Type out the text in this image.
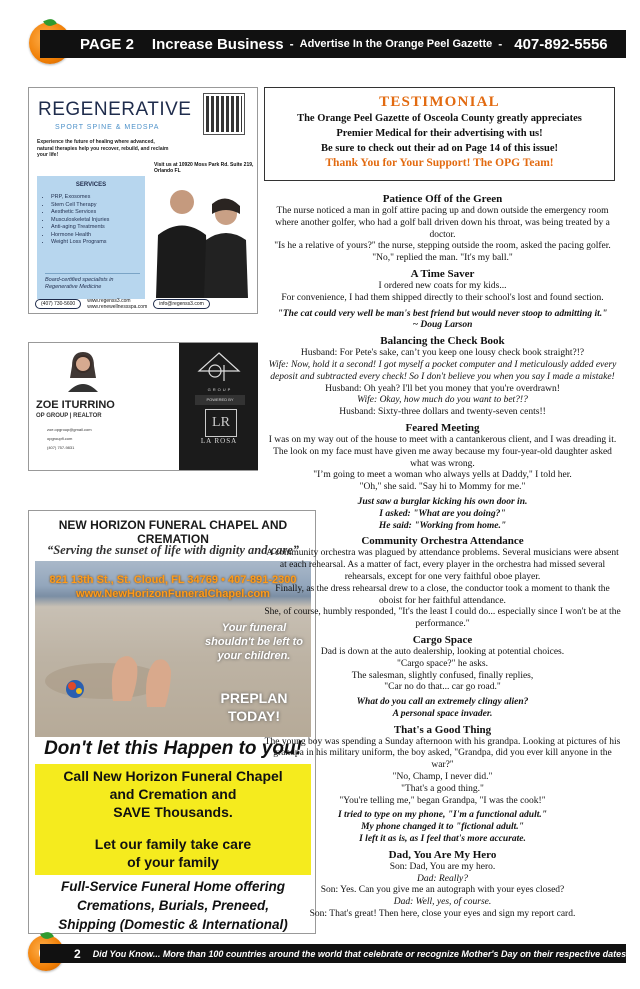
PAGE 2 Increase Business - Advertise In the Orange Peel Gazette - 407-892-5556
REGENERATIVE
SPORT SPINE & MEDSPA
Experience the future of healing where advanced, natural therapies help you recover, rebuild, and reclaim your life!
Visit us at 10920 Moss Park Rd. Suite 219, Orlando FL
SERVICES
• PRP, Exosomes
• Stem Cell Therapy
• Aesthetic Services
• Musculoskeletal Injuries
• Anti-aging Treatments
• Hormone Health
• Weight Loss Programs
Board-certified specialists in Regenerative Medicine
(407) 730-5600	www.regenss3.com
www.renewellnessspa.com	info@regenss3.com
TESTIMONIAL
The Orange Peel Gazette of Osceola County greatly appreciates
Premier Medical for their advertising with us!
Be sure to check out their ad on Page 14 of this issue!
Thank You for Your Support! The OPG Team!
ZOE ITURRINO
OP GROUP | REALTOR
zoe.opgroup@gmail.com
opgroupfl.com
(407) 757-9831
GROUP
POWERED BY
LR
LA ROSA
NEW HORIZON FUNERAL CHAPEL AND CREMATION
“Serving the sunset of life with dignity and care”
821 13th St., St. Cloud, FL 34769 • 407-891-2300
www.NewHorizonFuneralChapel.com
Your funeral shouldn't be left to your children.
PREPLAN
TODAY!
Don't let this Happen to you!
Call New Horizon Funeral Chapel
and Cremation and
SAVE Thousands.
Let our family take care
of your family
Full-Service Funeral Home offering
Cremations, Burials, Preneed,
Shipping (Domestic & International)
Patience Off of the Green

The nurse noticed a man in golf attire pacing up and down outside the emergency room where another golfer, who had a golf ball driven down his throat, was being treated by a doctor.

"Is he a relative of yours?" the nurse, stepping outside the room, asked the pacing golfer.

"No," replied the man. "It's my ball."

A Time Saver

I ordered new coats for my kids...

For convenience, I had them shipped directly to their school's lost and found section.

"The cat could very well be man's best friend but would never stoop to admitting it."

~ Doug Larson

Balancing the Check Book

Husband: For Pete's sake, can’t you keep one lousy check book straight?!?

Wife: Now, hold it a second! I got myself a pocket computer and I meticulously added every deposit and subtracted every check! So I don't believe you when you say I made a mistake!

Husband: Oh yeah? I'll bet you money that you're overdrawn!

Wife: Okay, how much do you want to bet?!?

Husband: Sixty-three dollars and twenty-seven cents!!

Feared Meeting

I was on my way out of the house to meet with a cantankerous client, and I was dreading it. The look on my face must have given me away because my four-year-old daughter asked what was wrong.

"I’m going to meet a woman who always yells at Daddy," I told her.

"Oh," she said. "Say hi to Mommy for me."

Just saw a burglar kicking his own door in.

I asked: "What are you doing?"

He said: "Working from home."

Community Orchestra Attendance

A community orchestra was plagued by attendance problems. Several musicians were absent at each rehearsal. As a matter of fact, every player in the orchestra had missed several rehearsals, except for one very faithful oboe player.

Finally, as the dress rehearsal drew to a close, the conductor took a moment to thank the oboist for her faithful attendance.

She, of course, humbly responded, "It's the least I could do... especially since I won't be at the performance."

Cargo Space

Dad is down at the auto dealership, looking at potential choices.

"Cargo space?" he asks.

The salesman, slightly confused, finally replies,

"Car no do that... car go road."

What do you call an extremely clingy alien?

A personal space invader.

That's a Good Thing

The young boy was spending a Sunday afternoon with his grandpa. Looking at pictures of his grandpa in his military uniform, the boy asked, "Grandpa, did you ever kill anyone in the war?"

"No, Champ, I never did."

"That's a good thing."

"You're telling me," began Grandpa, "I was the cook!"

I tried to type on my phone, "I'm a functional adult."

My phone changed it to "fictional adult."

I left it as is, as I feel that's more accurate.

Dad, You Are My Hero

Son: Dad, You are my hero.

Dad: Really?

Son: Yes. Can you give me an autograph with your eyes closed?

Dad: Well, yes, of course.

Son: That's great! Then here, close your eyes and sign my report card.

2 Did You Know... More than 100 countries around the world that celebrate or recognize Mother's Day on their respective dates.
